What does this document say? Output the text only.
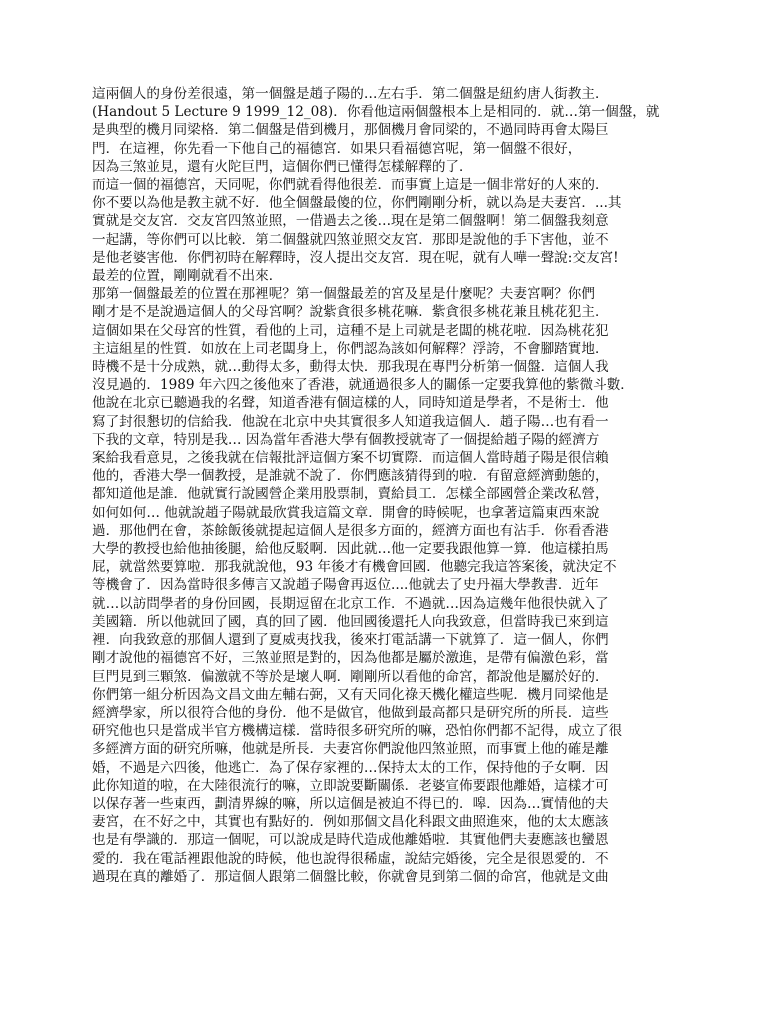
這兩個人的身份差很遠，第一個盤是趙子陽的…左右手．第二個盤是紐約唐人街教主．
(Handout 5 Lecture 9 1999_12_08)．你看他這兩個盤根本上是相同的．就…第一個盤，就
是典型的機月同梁格．第二個盤是借到機月，那個機月會同梁的，不過同時再會太陽巨
門．在這裡，你先看一下他自己的福德宮．如果只看福德宮呢，第一個盤不很好，
因為三煞並見，還有火陀巨門，這個你們已懂得怎樣解釋的了．
而這一個的福德宮，天同呢，你們就看得他很差．而事實上這是一個非常好的人來的．
你不要以為他是教主就不好．他全個盤最傻的位，你們剛剛分析，就以為是夫妻宮．...其
實就是交友宮．交友宮四煞並照，一借過去之後…現在是第二個盤啊！第二個盤我刻意
一起講，等你們可以比較．第二個盤就四煞並照交友宮．那即是說他的手下害他，並不
是他老婆害他．你們初時在解釋時，沒人提出交友宮．現在呢，就有人嘩一聲說:交友宮!
最差的位置，剛剛就看不出來．
那第一個盤最差的位置在那裡呢？第一個盤最差的宮及星是什麼呢？夫妻宮啊？你們
剛才是不是說過這個人的父母宮啊？說紫貪很多桃花嘛．紫貪很多桃花兼且桃花犯主．
這個如果在父母宮的性質，看他的上司，這種不是上司就是老闆的桃花啦．因為桃花犯
主這組星的性質．如放在上司老闆身上，你們認為該如何解釋？浮誇，不會腳踏實地．
時機不是十分成熟，就…動得太多，動得太快．那我現在專門分析第一個盤．這個人我
沒見過的．1989 年六四之後他來了香港，就通過很多人的關係一定要我算他的紫微斗數．
他說在北京已聽過我的名聲，知道香港有個這樣的人，同時知道是學者，不是術士．他
寫了封很懇切的信給我．他說在北京中央其實很多人知道我這個人．趙子陽…也有看一
下我的文章，特別是我… 因為當年香港大學有個教授就寄了一個提給趙子陽的經濟方
案給我看意見，之後我就在信報批評這個方案不切實際．而這個人當時趙子陽是很信賴
他的，香港大學一個教授，是誰就不說了．你們應該猜得到的啦．有留意經濟動態的，
都知道他是誰．他就實行說國營企業用股票制，賣給員工．怎樣全部國營企業改私營，
如何如何… 他就說趙子陽就最欣賞我這篇文章．開會的時候呢，也拿著這篇東西來說
過．那他們在會，茶餘飯後就提起這個人是很多方面的，經濟方面也有沾手．你看香港
大學的教授也給他抽後腿，給他反駁啊．因此就…他一定要我跟他算一算．他這樣拍馬
屁，就當然要算啦．那我就說他，93 年後才有機會回國．他聽完我這答案後，就決定不
等機會了．因為當時很多傳言又說趙子陽會再返位....他就去了史丹福大學教書．近年
就…以訪問學者的身份回國，長期逗留在北京工作．不過就…因為這幾年他很快就入了
美國籍．所以他就回了國，真的回了國．他回國後還托人向我致意，但當時我已來到這
裡．向我致意的那個人還到了夏威夷找我，後來打電話講一下就算了．這一個人，你們
剛才說他的福德宮不好，三煞並照是對的，因為他都是屬於激進，是帶有偏激色彩，當
巨門見到三顆煞．偏激就不等於是壞人啊．剛剛所以看他的命宮，都說他是屬於好的．
你們第一組分析因為文昌文曲左輔右弼，又有天同化祿天機化權這些呢．機月同梁他是
經濟學家，所以很符合他的身份．他不是做官，他做到最高都只是研究所的所長．這些
研究他也只是當成半官方機構這樣．當時很多研究所的嘛，恐怕你們都不記得，成立了很
多經濟方面的研究所嘛，他就是所長．夫妻宮你們說他四煞並照，而事實上他的確是離
婚，不過是六四後，他逃亡．為了保存家裡的…保持太太的工作，保持他的子女啊．因
此你知道的啦，在大陸很流行的嘛，立即說要斷關係．老婆宣佈要跟他離婚，這樣才可
以保存著一些東西，劃清界線的嘛，所以這個是被迫不得已的．嗥．因為…實情他的夫
妻宮，在不好之中，其實也有點好的．例如那個文昌化科跟文曲照進來，他的太太應該
也是有學識的．那這一個呢，可以說成是時代造成他離婚啦．其實他們夫妻應該也蠻恩
愛的．我在電話裡跟他說的時候，他也說得很稀虛，說結完婚後，完全是很恩愛的．不
過現在真的離婚了．那這個人跟第二個盤比較，你就會見到第二個的命宮，他就是文曲
